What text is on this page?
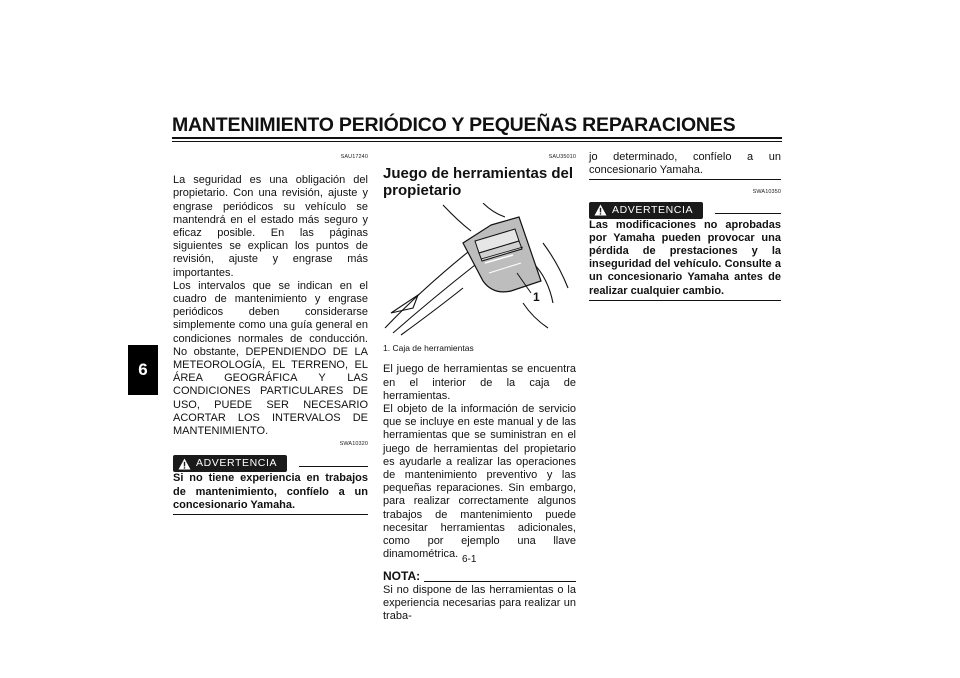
MANTENIMIENTO PERIÓDICO Y PEQUEÑAS REPARACIONES
6
SAU17240

La seguridad es una obligación del propietario. Con una revisión, ajuste y engrase periódicos su vehículo se mantendrá en el estado más seguro y eficaz posible. En las páginas siguientes se explican los puntos de revisión, ajuste y engrase más importantes.

Los intervalos que se indican en el cuadro de mantenimiento y engrase periódicos deben considerarse simplemente como una guía general en condiciones normales de conducción. No obstante, DEPENDIENDO DE LA METEOROLOGÍA, EL TERRENO, EL ÁREA GEOGRÁFICA Y LAS CONDICIONES PARTICULARES DE USO, PUEDE SER NECESARIO ACORTAR LOS INTERVALOS DE MANTENIMIENTO.

SWA10320
ADVERTENCIA

Si no tiene experiencia en trabajos de mantenimiento, confíelo a un concesionario Yamaha.

SAU35010
Juego de herramientas del propietario
1
1. Caja de herramientas

El juego de herramientas se encuentra en el interior de la caja de herramientas.

El objeto de la información de servicio que se incluye en este manual y de las herramientas que se suministran en el juego de herramientas del propietario es ayudarle a realizar las operaciones de mantenimiento preventivo y las pequeñas reparaciones. Sin embargo, para realizar correctamente algunos trabajos de mantenimiento puede necesitar herramientas adicionales, como por ejemplo una llave dinamométrica.

NOTA:

Si no dispone de las herramientas o la experiencia necesarias para realizar un traba-

jo determinado, confíelo a un concesionario Yamaha.

SWA10350
ADVERTENCIA

Las modificaciones no aprobadas por Yamaha pueden provocar una pérdida de prestaciones y la inseguridad del vehículo. Consulte a un concesionario Yamaha antes de realizar cualquier cambio.

6-1
